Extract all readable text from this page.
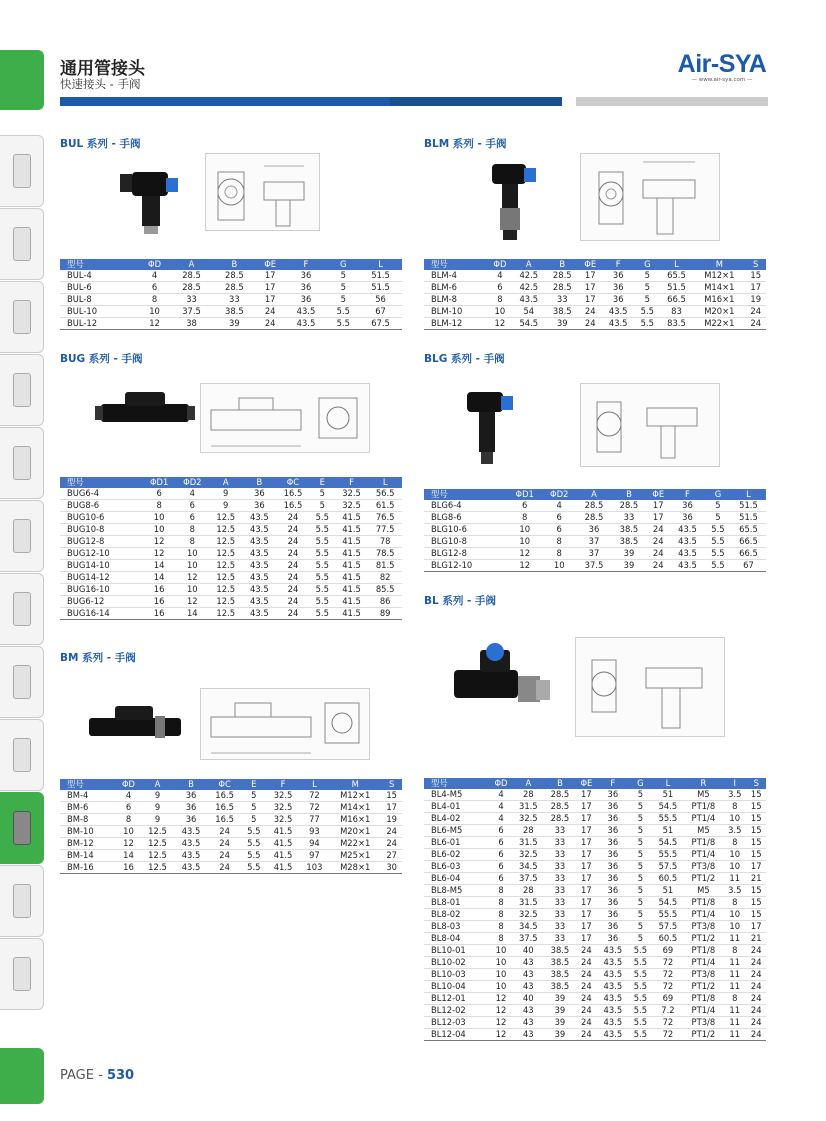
通用管接头
快速接头 - 手阀
Air-SYA
— www.air-sya.com —
BUL 系列 - 手阀
型号	ΦD	A	B	ΦE	F	G	L
BUL-4	4	28.5	28.5	17	36	5	51.5
BUL-6	6	28.5	28.5	17	36	5	51.5
BUL-8	8	33	33	17	36	5	56
BUL-10	10	37.5	38.5	24	43.5	5.5	67
BUL-12	12	38	39	24	43.5	5.5	67.5
BLM 系列 - 手阀
型号	ΦD	A	B	ΦE	F	G	L	M	S
BLM-4	4	42.5	28.5	17	36	5	65.5	M12×1	15
BLM-6	6	42.5	28.5	17	36	5	51.5	M14×1	17
BLM-8	8	43.5	33	17	36	5	66.5	M16×1	19
BLM-10	10	54	38.5	24	43.5	5.5	83	M20×1	24
BLM-12	12	54.5	39	24	43.5	5.5	83.5	M22×1	24
BUG 系列 - 手阀
型号	ΦD1	ΦD2	A	B	ΦC	E	F	L
BUG6-4	6	4	9	36	16.5	5	32.5	56.5
BUG8-6	8	6	9	36	16.5	5	32.5	61.5
BUG10-6	10	6	12.5	43.5	24	5.5	41.5	76.5
BUG10-8	10	8	12.5	43.5	24	5.5	41.5	77.5
BUG12-8	12	8	12.5	43.5	24	5.5	41.5	78
BUG12-10	12	10	12.5	43.5	24	5.5	41.5	78.5
BUG14-10	14	10	12.5	43.5	24	5.5	41.5	81.5
BUG14-12	14	12	12.5	43.5	24	5.5	41.5	82
BUG16-10	16	10	12.5	43.5	24	5.5	41.5	85.5
BUG6-12	16	12	12.5	43.5	24	5.5	41.5	86
BUG16-14	16	14	12.5	43.5	24	5.5	41.5	89
BLG 系列 - 手阀
型号	ΦD1	ΦD2	A	B	ΦE	F	G	L
BLG6-4	6	4	28.5	28.5	17	36	5	51.5
BLG8-6	8	6	28.5	33	17	36	5	51.5
BLG10-6	10	6	36	38.5	24	43.5	5.5	65.5
BLG10-8	10	8	37	38.5	24	43.5	5.5	66.5
BLG12-8	12	8	37	39	24	43.5	5.5	66.5
BLG12-10	12	10	37.5	39	24	43.5	5.5	67
BL 系列 - 手阀
BM 系列 - 手阀
型号	ΦD	A	B	ΦC	E	F	L	M	S
BM-4	4	9	36	16.5	5	32.5	72	M12×1	15
BM-6	6	9	36	16.5	5	32.5	72	M14×1	17
BM-8	8	9	36	16.5	5	32.5	77	M16×1	19
BM-10	10	12.5	43.5	24	5.5	41.5	93	M20×1	24
BM-12	12	12.5	43.5	24	5.5	41.5	94	M22×1	24
BM-14	14	12.5	43.5	24	5.5	41.5	97	M25×1	27
BM-16	16	12.5	43.5	24	5.5	41.5	103	M28×1	30
型号	ΦD	A	B	ΦE	F	G	L	R	I	S
BL4-M5	4	28	28.5	17	36	5	51	M5	3.5	15
BL4-01	4	31.5	28.5	17	36	5	54.5	PT1/8	8	15
BL4-02	4	32.5	28.5	17	36	5	55.5	PT1/4	10	15
BL6-M5	6	28	33	17	36	5	51	M5	3.5	15
BL6-01	6	31.5	33	17	36	5	54.5	PT1/8	8	15
BL6-02	6	32.5	33	17	36	5	55.5	PT1/4	10	15
BL6-03	6	34.5	33	17	36	5	57.5	PT3/8	10	17
BL6-04	6	37.5	33	17	36	5	60.5	PT1/2	11	21
BL8-M5	8	28	33	17	36	5	51	M5	3.5	15
BL8-01	8	31.5	33	17	36	5	54.5	PT1/8	8	15
BL8-02	8	32.5	33	17	36	5	55.5	PT1/4	10	15
BL8-03	8	34.5	33	17	36	5	57.5	PT3/8	10	17
BL8-04	8	37.5	33	17	36	5	60.5	PT1/2	11	21
BL10-01	10	40	38.5	24	43.5	5.5	69	PT1/8	8	24
BL10-02	10	43	38.5	24	43.5	5.5	72	PT1/4	11	24
BL10-03	10	43	38.5	24	43.5	5.5	72	PT3/8	11	24
BL10-04	10	43	38.5	24	43.5	5.5	72	PT1/2	11	24
BL12-01	12	40	39	24	43.5	5.5	69	PT1/8	8	24
BL12-02	12	43	39	24	43.5	5.5	7.2	PT1/4	11	24
BL12-03	12	43	39	24	43.5	5.5	72	PT3/8	11	24
BL12-04	12	43	39	24	43.5	5.5	72	PT1/2	11	24
PAGE - 530
